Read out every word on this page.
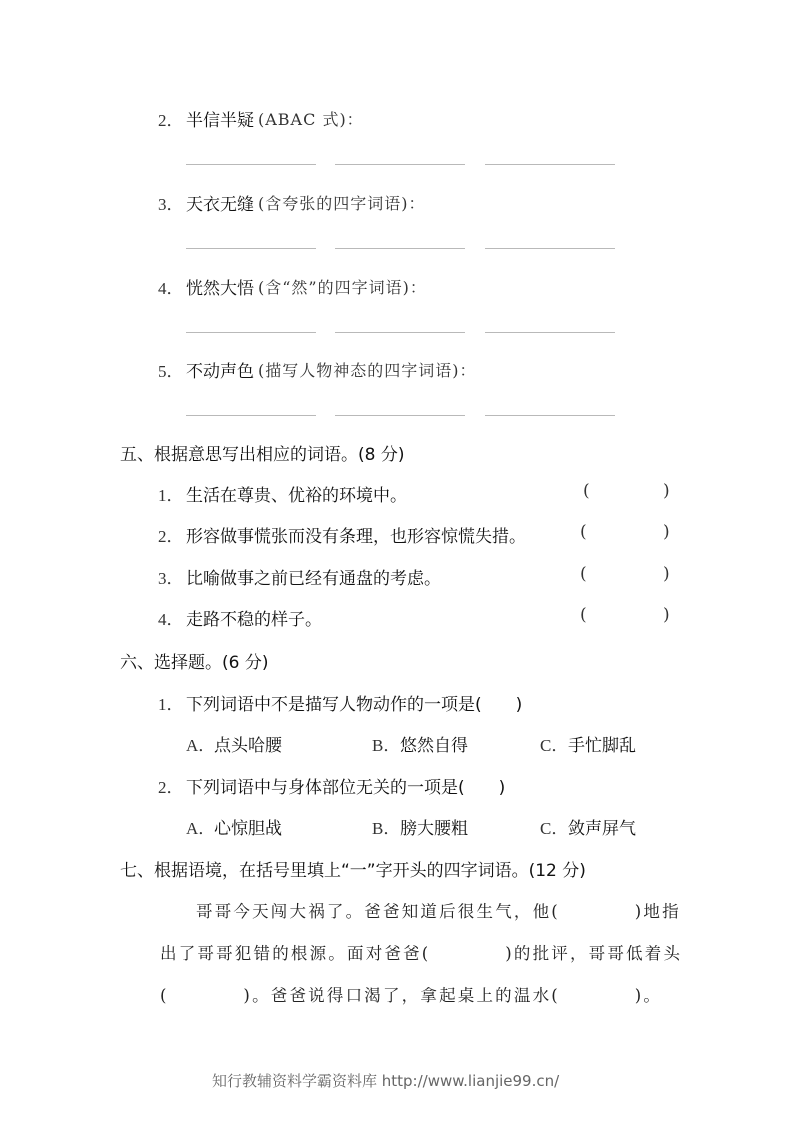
2． 半信半疑 (ABAC 式)：
3． 天衣无缝 (含夸张的四字词语)：
4． 恍然大悟 (含“然”的四字词语)：
5． 不动声色 (描写人物神态的四字词语)：
五、根据意思写出相应的词语。(8 分)
1． 生活在尊贵、优裕的环境中。	(	)
2． 形容做事慌张而没有条理，也形容惊慌失措。	(	)
3． 比喻做事之前已经有通盘的考虑。	(	)
4． 走路不稳的样子。	(	)
六、选择题。(6 分)
1． 下列词语中不是描写人物动作的一项是(　　)
A．
点头哈腰	B． 悠然自得	C． 手忙脚乱
2． 下列词语中与身体部位无关的一项是(　　)
A．
心惊胆战	B． 膀大腰粗	C． 敛声屏气
七、根据语境，在括号里填上“一”字开头的四字词语。(12 分)
哥哥今天闯大祸了。爸爸知道后很生气，他(　　　　)地指
出了哥哥犯错的根源。面对爸爸(　　　　)的批评，哥哥低着头
(　　　　)。爸爸说得口渴了，拿起桌上的温水(　　　　)。
知行教辅资料学霸资料库 http://www.lianjie99.cn/
